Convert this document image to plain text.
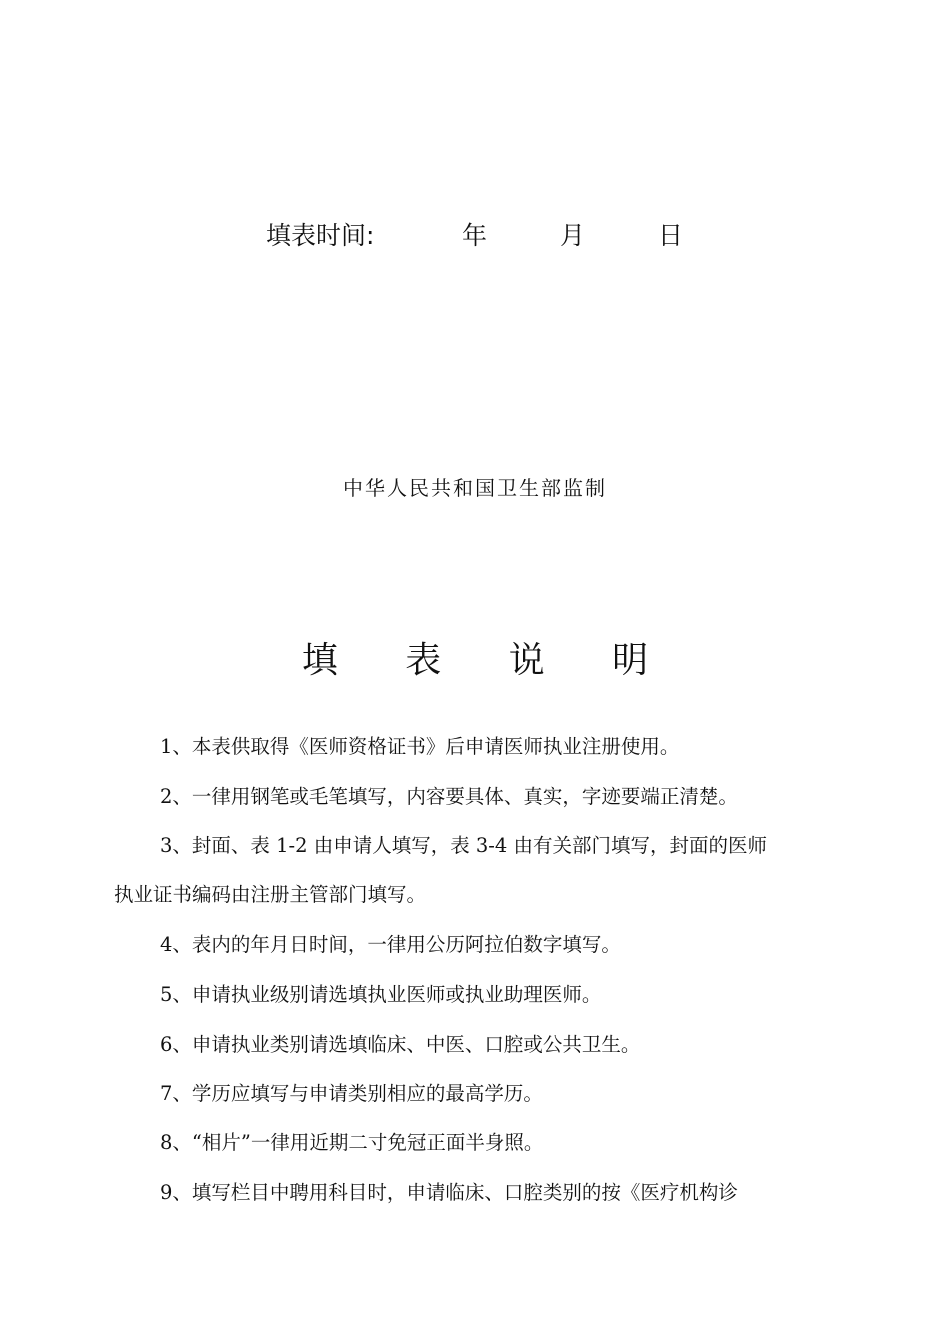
填表时间:	年	月	日
中华人民共和国卫生部监制
填 表 说 明
1、本表供取得《医师资格证书》后申请医师执业注册使用。
2、一律用钢笔或毛笔填写，内容要具体、真实，字迹要端正清楚。
3、封面、表 1-2 由申请人填写，表 3-4 由有关部门填写，封面的医师
执业证书编码由注册主管部门填写。
4、表内的年月日时间，一律用公历阿拉伯数字填写。
5、申请执业级别请选填执业医师或执业助理医师。
6、申请执业类别请选填临床、中医、口腔或公共卫生。
7、学历应填写与申请类别相应的最高学历。
8、“相片”一律用近期二寸免冠正面半身照。
9、填写栏目中聘用科目时，申请临床、口腔类别的按《医疗机构诊
